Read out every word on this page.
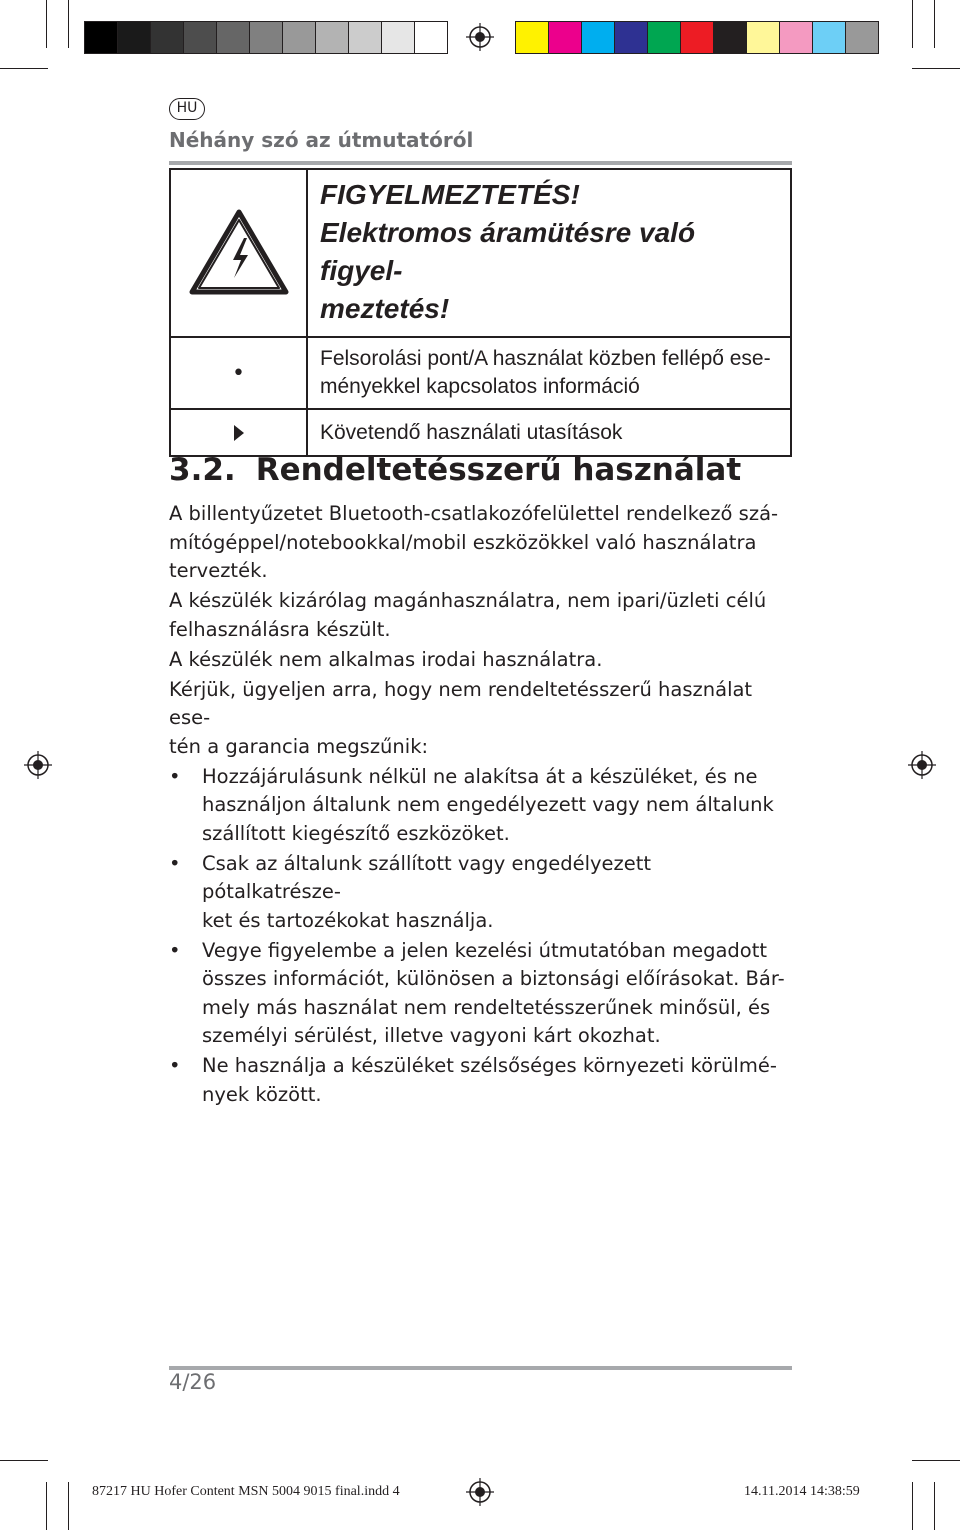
HU
Néhány szó az útmutatóról

FIGYELMEZTETÉS!
Elektromos áramütésre való figyel-
meztetés!

•	Felsorolási pont/A használat közben fellépő ese-
ményekkel kapcsolatos információ

Követendő használati utasítások
3.2. Rendeltetésszerű használat

A billentyűzetet Bluetooth-csatlakozófelülettel rendelkező szá-
mítógéppel/notebookkal/mobil eszközökkel való használatra
tervezték.

A készülék kizárólag magánhasználatra, nem ipari/üzleti célú
felhasználásra készült.

A készülék nem alkalmas irodai használatra.

Kérjük, ügyeljen arra, hogy nem rendeltetésszerű használat ese-
tén a garancia megszűnik:

• Hozzájárulásunk nélkül ne alakítsa át a készüléket, és ne
használjon általunk nem engedélyezett vagy nem általunk
szállított kiegészítő eszközöket.
• Csak az általunk szállított vagy engedélyezett pótalkatrésze-
ket és tartozékokat használja.
• Vegye figyelembe a jelen kezelési útmutatóban megadott
összes információt, különösen a biztonsági előírásokat. Bár-
mely más használat nem rendeltetésszerűnek minősül, és
személyi sérülést, illetve vagyoni kárt okozhat.
• Ne használja a készüléket szélsőséges környezeti körülmé-
nyek között.
4/26
87217 HU Hofer Content MSN 5004 9015 final.indd 4	14.11.2014 14:38:59
